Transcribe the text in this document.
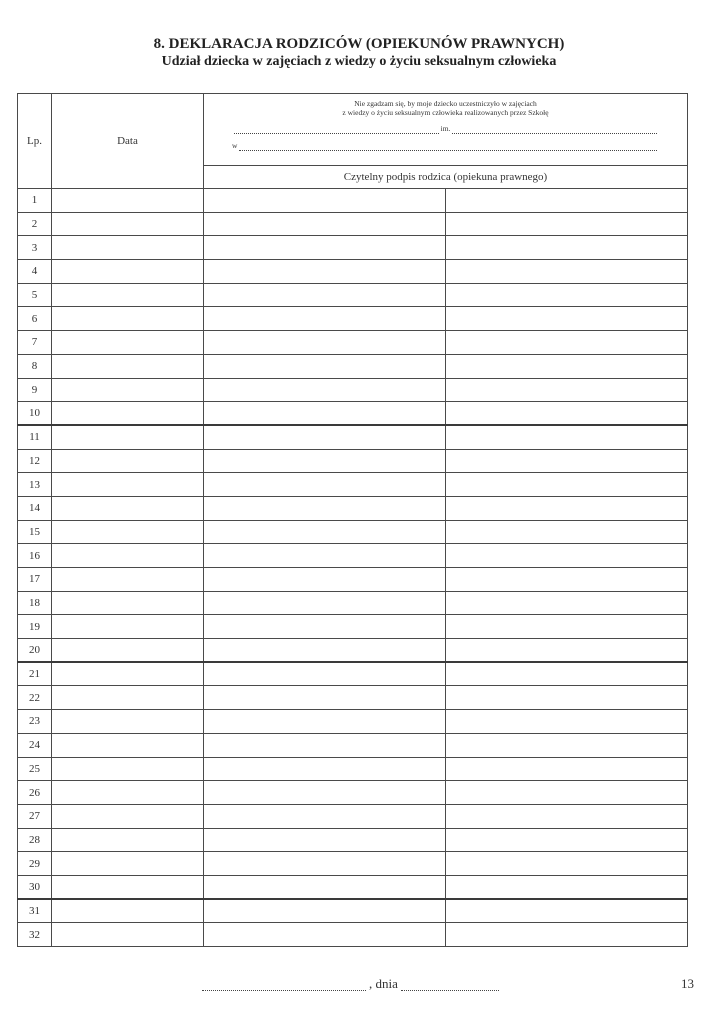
8. DEKLARACJA RODZICÓW (OPIEKUNÓW PRAWNYCH)
Udział dziecka w zajęciach z wiedzy o życiu seksualnym człowieka
Lp.	Data	Nie zgadzam się, by moje dziecko uczestniczyło w zajęciach
z wiedzy o życiu seksualnym człowieka realizowanych przez Szkołę
im.
w	

		Czytelny podpis rodzica (opiekuna prawnego)	
1			
2			
3			
4			
5			
6			
7			
8			
9			
10			
11			
12			
13			
14			
15			
16			
17			
18			
19			
20			
21			
22			
23			
24			
25			
26			
27			
28			
29			
30			
31			
32			
, dnia	13
